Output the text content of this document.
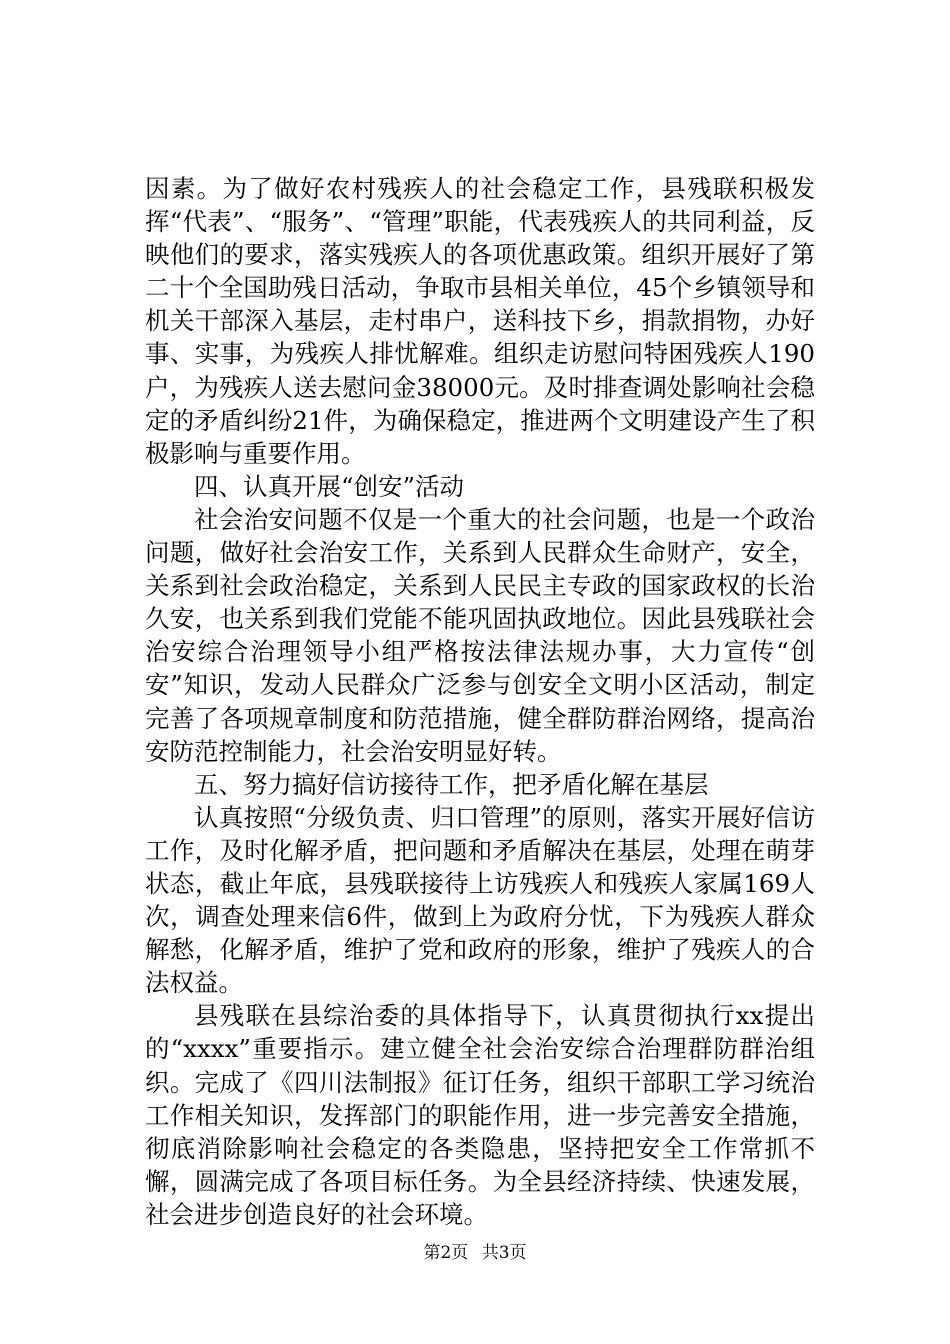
因素。为了做好农村残疾人的社会稳定工作，县残联积极发挥“代表”、“服务”、“管理”职能，代表残疾人的共同利益，反映他们的要求，落实残疾人的各项优惠政策。组织开展好了第二十个全国助残日活动，争取市县相关单位，45个乡镇领导和机关干部深入基层，走村串户，送科技下乡，捐款捐物，办好事、实事，为残疾人排忧解难。组织走访慰问特困残疾人190户，为残疾人送去慰问金38000元。及时排查调处影响社会稳定的矛盾纠纷21件，为确保稳定，推进两个文明建设产生了积极影响与重要作用。

四、认真开展“创安”活动

社会治安问题不仅是一个重大的社会问题，也是一个政治问题，做好社会治安工作，关系到人民群众生命财产，安全，关系到社会政治稳定，关系到人民民主专政的国家政权的长治久安，也关系到我们党能不能巩固执政地位。因此县残联社会治安综合治理领导小组严格按法律法规办事，大力宣传“创安”知识，发动人民群众广泛参与创安全文明小区活动，制定完善了各项规章制度和防范措施，健全群防群治网络，提高治安防范控制能力，社会治安明显好转。

五、努力搞好信访接待工作，把矛盾化解在基层

认真按照“分级负责、归口管理”的原则，落实开展好信访工作，及时化解矛盾，把问题和矛盾解决在基层，处理在萌芽状态，截止年底，县残联接待上访残疾人和残疾人家属169人次，调查处理来信6件，做到上为政府分忧，下为残疾人群众解愁，化解矛盾，维护了党和政府的形象，维护了残疾人的合法权益。

县残联在县综治委的具体指导下，认真贯彻执行xx提出的“xxxx”重要指示。建立健全社会治安综合治理群防群治组织。完成了《四川法制报》征订任务，组织干部职工学习统治工作相关知识，发挥部门的职能作用，进一步完善安全措施，彻底消除影响社会稳定的各类隐患，坚持把安全工作常抓不懈，圆满完成了各项目标任务。为全县经济持续、快速发展，社会进步创造良好的社会环境。

第2页 共3页
